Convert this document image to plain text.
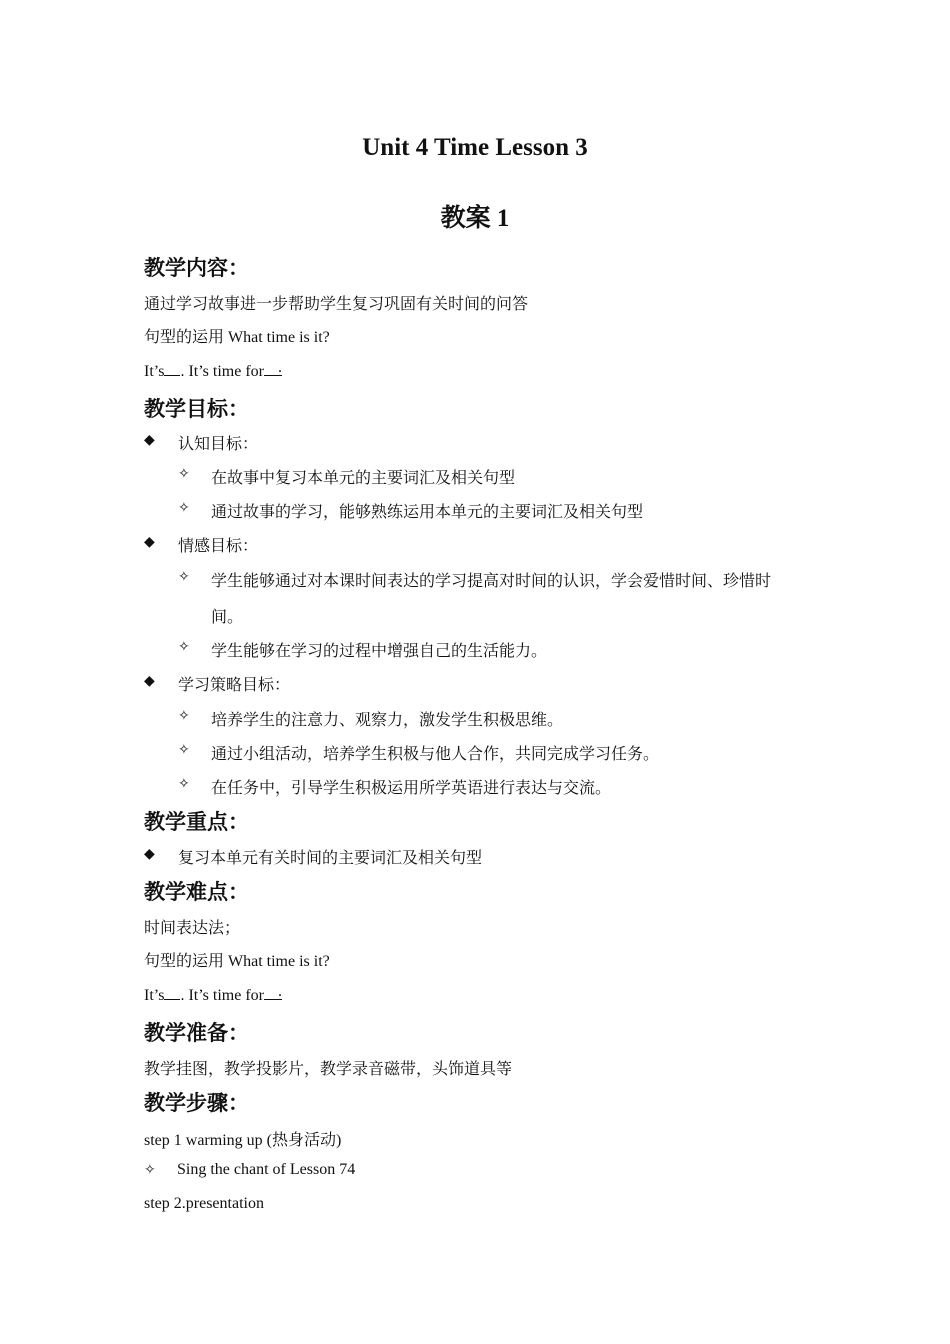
Unit 4 Time Lesson 3
教案 1
教学内容：
通过学习故事进一步帮助学生复习巩固有关时间的问答
句型的运用 What time is it?
It’s . It’s time for .
教学目标：
◆ 认知目标：
✧ 在故事中复习本单元的主要词汇及相关句型
✧ 通过故事的学习，能够熟练运用本单元的主要词汇及相关句型
◆ 情感目标：
✧ 学生能够通过对本课时间表达的学习提高对时间的认识，学会爱惜时间、珍惜时
间。
✧ 学生能够在学习的过程中增强自己的生活能力。
◆ 学习策略目标：
✧ 培养学生的注意力、观察力，激发学生积极思维。
✧ 通过小组活动，培养学生积极与他人合作，共同完成学习任务。
✧ 在任务中，引导学生积极运用所学英语进行表达与交流。
教学重点：
◆ 复习本单元有关时间的主要词汇及相关句型
教学难点：
时间表达法；
句型的运用 What time is it?
It’s . It’s time for .
教学准备：
教学挂图，教学投影片，教学录音磁带，头饰道具等
教学步骤：
step 1 warming up (热身活动)
✧ Sing the chant of Lesson 74
step 2.presentation
